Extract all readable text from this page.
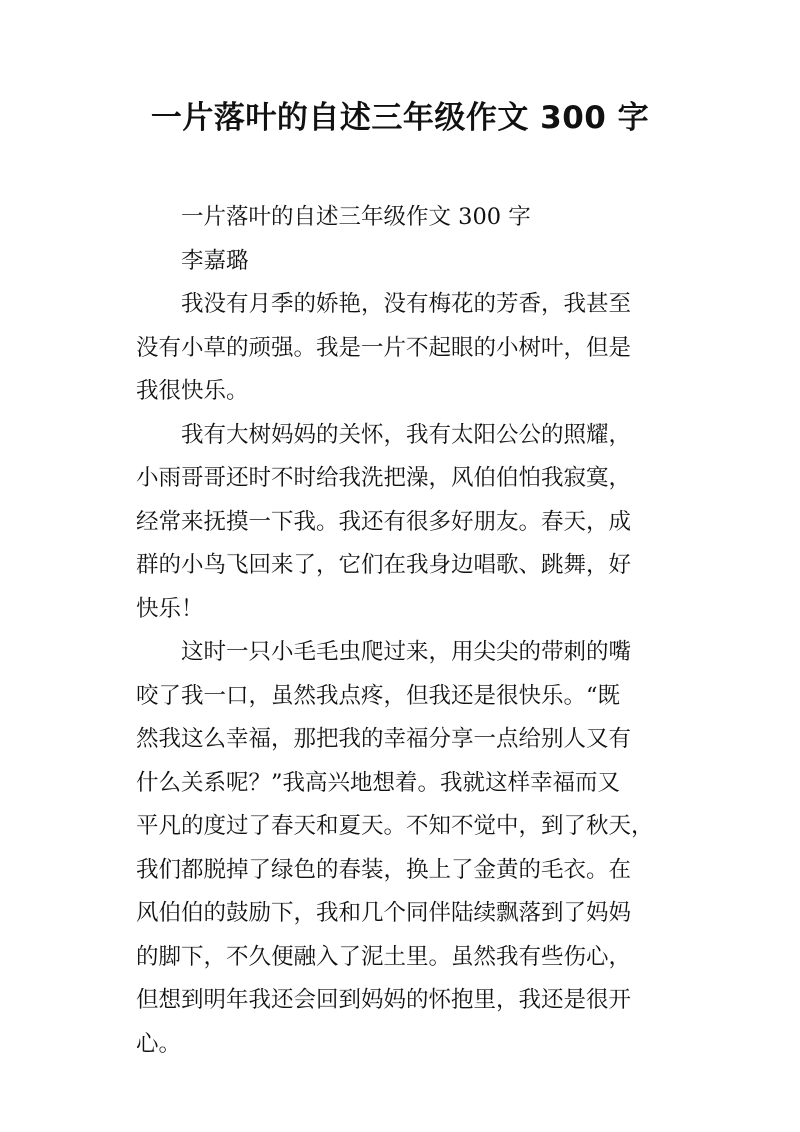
一片落叶的自述三年级作文 300 字
一片落叶的自述三年级作文 300 字
李嘉璐
我没有月季的娇艳，没有梅花的芳香，我甚至
没有小草的顽强。我是一片不起眼的小树叶，但是
我很快乐。
我有大树妈妈的关怀，我有太阳公公的照耀，
小雨哥哥还时不时给我洗把澡，风伯伯怕我寂寞，
经常来抚摸一下我。我还有很多好朋友。春天，成
群的小鸟飞回来了，它们在我身边唱歌、跳舞，好
快乐！
这时一只小毛毛虫爬过来，用尖尖的带刺的嘴
咬了我一口，虽然我点疼，但我还是很快乐。“既
然我这么幸福，那把我的幸福分享一点给别人又有
什么关系呢？”我高兴地想着。我就这样幸福而又
平凡的度过了春天和夏天。不知不觉中，到了秋天，
我们都脱掉了绿色的春装，换上了金黄的毛衣。在
风伯伯的鼓励下，我和几个同伴陆续飘落到了妈妈
的脚下，不久便融入了泥土里。虽然我有些伤心，
但想到明年我还会回到妈妈的怀抱里，我还是很开
心。
